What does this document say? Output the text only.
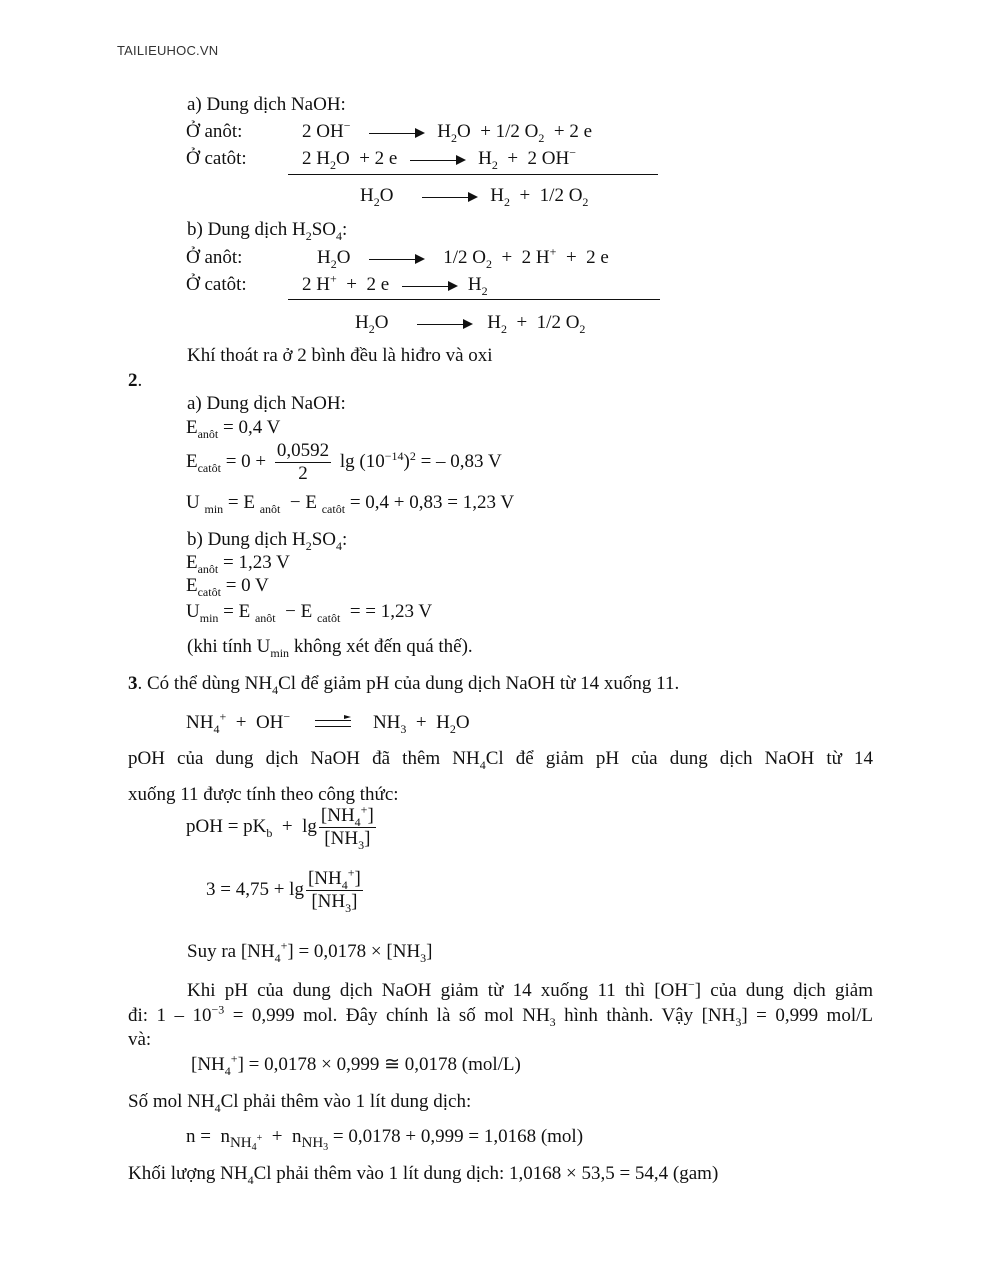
TAILIEUHOC.VN
a) Dung dịch NaOH:
Ở anôt:	2 OH−	$H_2O + 1/2$ $O_2 + 2$ e
Ở catôt:	2 $H_2O + 2$ e	$H_2 + 2$ OH−
$H_2O$	$H_2 + 1/2$ $O_2$
b) Dung dịch $H_2SO_4$:
Ở anôt:	$H_2O$	1/2 $O_2 + 2$ H+  +  2 e
Ở catôt:	2 H+  +  2 e	$H_2$
$H_2O$	$H_2 + 1/2$ $O_2$
Khí thoát ra ở 2 bình đều là hiđro và oxi
2.
a) Dung dịch NaOH:
$E_{anôt} = 0,4$ V
$E_{catôt} = 0 + \frac{0,0592}{2}$ $\lg (10^{-14})^2$ = – 0,83 V
U $_{min}$ = E $_{anôt}$  − E $_{catôt}$ = 0,4 + 0,83 = 1,23 V
b) Dung dịch $H_2SO_4$:
$E_{anôt} = 1,23$ V
$E_{catôt} = 0$ V
$U_{min} = E$ $_{anôt}$  − E $_{catôt}$  = = 1,23 V
(khi tính $U_{min}$ không xét đến quá thế).
3. Có thể dùng $NH_4Cl$ để giảm pH của dung dịch NaOH từ 14 xuống 11.
$NH_4^+ + OH^-$	$NH_3 + H_2O$
pOH của dung dịch NaOH đã thêm $NH_4Cl$ để giảm pH của dung dịch NaOH từ 14
xuống 11 được tính theo công thức:
pOH = $pK_b + \lg \frac{[NH_4^+]}{[NH_3]}$
$3 = 4,75 + \lg \frac{[NH_4^+]}{[NH_3]}$
Suy ra $[NH_4^+] = 0,0178 \times [NH_3]$
Khi pH của dung dịch NaOH giảm từ 14 xuống 11 thì [OH−] của dung dịch giảm
đi: $1 - 10^{-3} = 0,999$ mol. Đây chính là số mol $NH_3$ hình thành. Vậy $[NH_3] = 0,999$ mol/L
và:
$[NH_4^+] = 0,0178 \times 0,999$ ≅ 0,0178 (mol/L)
Số mol $NH_4Cl$ phải thêm vào 1 lít dung dịch:
$n = n_{NH_4^+} + n_{NH_3} = 0,0178 + 0,999 = 1,0168$ (mol)
Khối lượng $NH_4Cl$ phải thêm vào 1 lít dung dịch: 1,0168 × 53,5 = 54,4 (gam)
